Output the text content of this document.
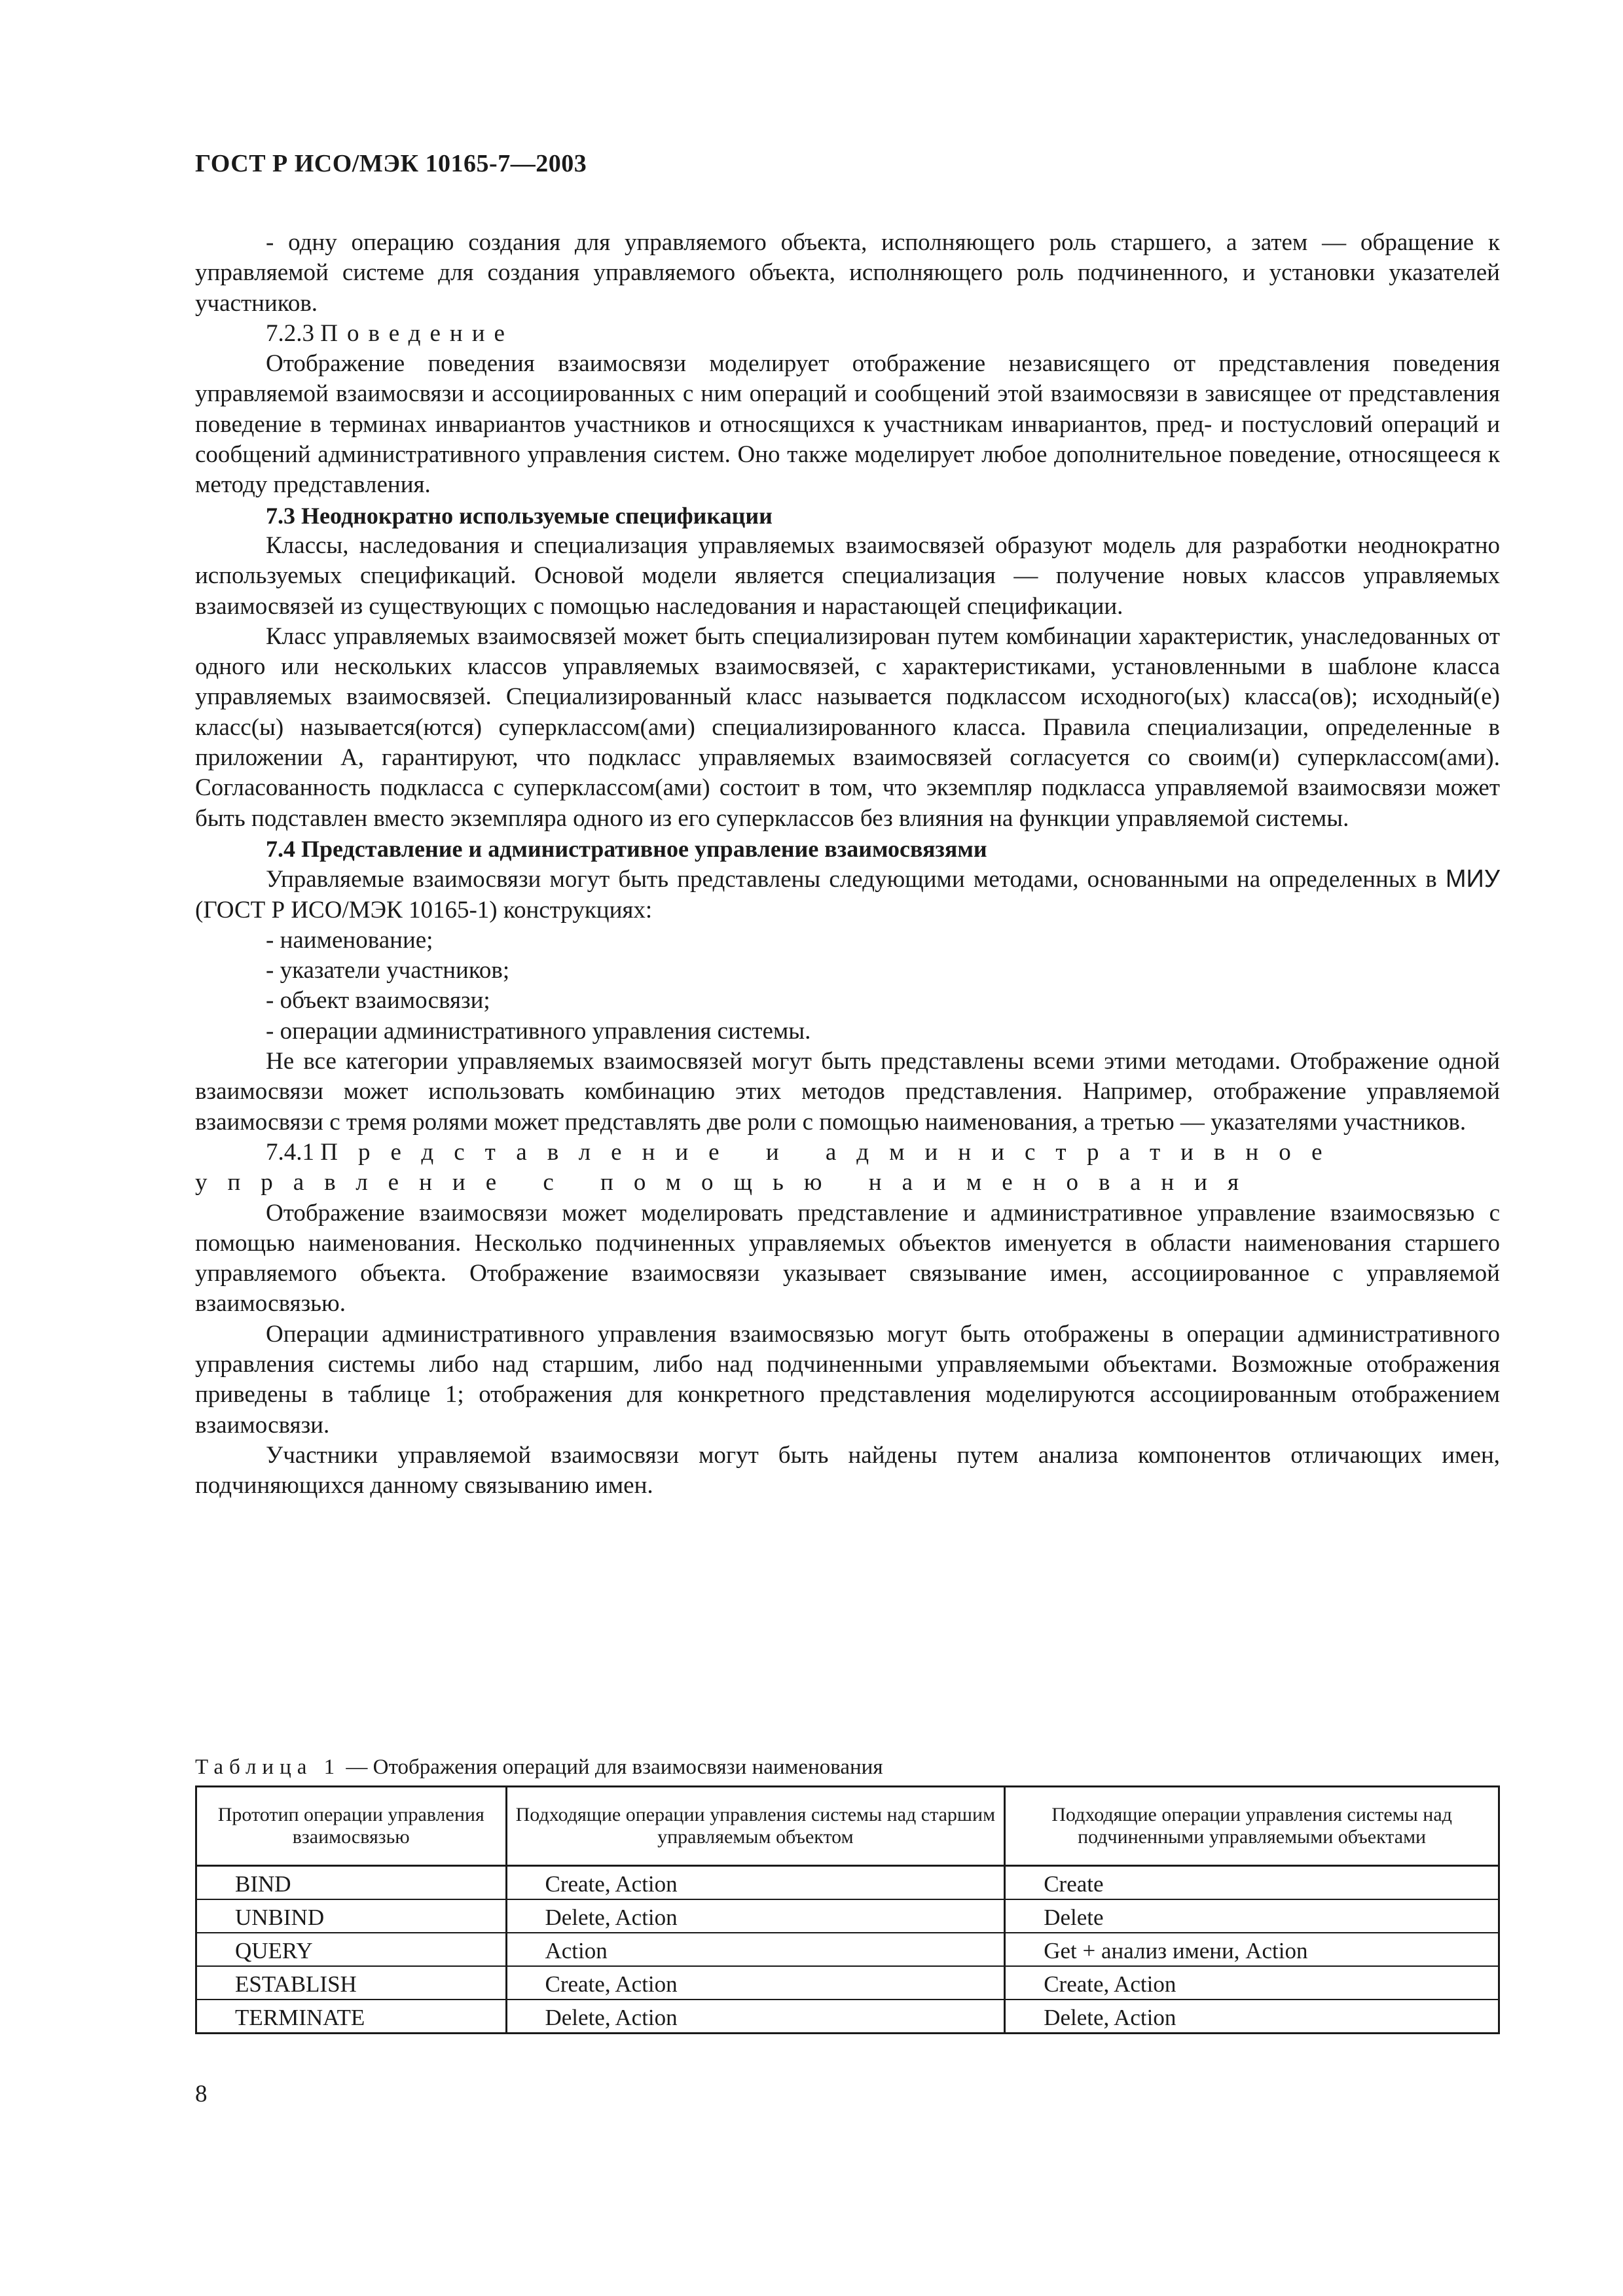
ГОСТ Р ИСО/МЭК 10165-7—2003

- одну операцию создания для управляемого объекта, исполняющего роль старшего, а затем — обращение к управляемой системе для создания управляемого объекта, исполняющего роль подчиненного, и установки указателей участников.

7.2.3 Поведение

Отображение поведения взаимосвязи моделирует отображение независящего от представления поведения управляемой взаимосвязи и ассоциированных с ним операций и сообщений этой взаимосвязи в зависящее от представления поведение в терминах инвариантов участников и относящихся к участникам инвариантов, пред- и постусловий операций и сообщений административного управления систем. Оно также моделирует любое дополнительное поведение, относящееся к методу представления.

7.3 Неоднократно используемые спецификации

Классы, наследования и специализация управляемых взаимосвязей образуют модель для разработки неоднократно используемых спецификаций. Основой модели является специализация — получение новых классов управляемых взаимосвязей из существующих с помощью наследования и нарастающей спецификации.

Класс управляемых взаимосвязей может быть специализирован путем комбинации характеристик, унаследованных от одного или нескольких классов управляемых взаимосвязей, с характеристиками, установленными в шаблоне класса управляемых взаимосвязей. Специализированный класс называется подклассом исходного(ых) класса(ов); исходный(е) класс(ы) называется(ются) суперклассом(ами) специализированного класса. Правила специализации, определенные в приложении А, гарантируют, что подкласс управляемых взаимосвязей согласуется со своим(и) суперклассом(ами). Согласованность подкласса с суперклассом(ами) состоит в том, что экземпляр подкласса управляемой взаимосвязи может быть подставлен вместо экземпляра одного из его суперклассов без влияния на функции управляемой системы.

7.4 Представление и административное управление взаимосвязями

Управляемые взаимосвязи могут быть представлены следующими методами, основанными на определенных в МИУ (ГОСТ Р ИСО/МЭК 10165-1) конструкциях:

- наименование;

- указатели участников;

- объект взаимосвязи;

- операции административного управления системы.

Не все категории управляемых взаимосвязей могут быть представлены всеми этими методами. Отображение одной взаимосвязи может использовать комбинацию этих методов представления. Например, отображение управляемой взаимосвязи с тремя ролями может представлять две роли с помощью наименования, а третью — указателями участников.

7.4.1 Представление и административное управление с помощью наименования

Отображение взаимосвязи может моделировать представление и административное управление взаимосвязью с помощью наименования. Несколько подчиненных управляемых объектов именуется в области наименования старшего управляемого объекта. Отображение взаимосвязи указывает связывание имен, ассоциированное с управляемой взаимосвязью.

Операции административного управления взаимосвязью могут быть отображены в операции административного управления системы либо над старшим, либо над подчиненными управляемыми объектами. Возможные отображения приведены в таблице 1; отображения для конкретного представления моделируются ассоциированным отображением взаимосвязи.

Участники управляемой взаимосвязи могут быть найдены путем анализа компонентов отличающих имен, подчиняющихся данному связыванию имен.

Таблица 1 — Отображения операций для взаимосвязи наименования
Прототип операции управления взаимосвязью	Подходящие операции управления системы над старшим управляемым объектом	Подходящие операции управления системы над подчиненными управляемыми объектами
BIND	Create, Action	Create
UNBIND	Delete, Action	Delete
QUERY	Action	Get + анализ имени, Action
ESTABLISH	Create, Action	Create, Action
TERMINATE	Delete, Action	Delete, Action
8
